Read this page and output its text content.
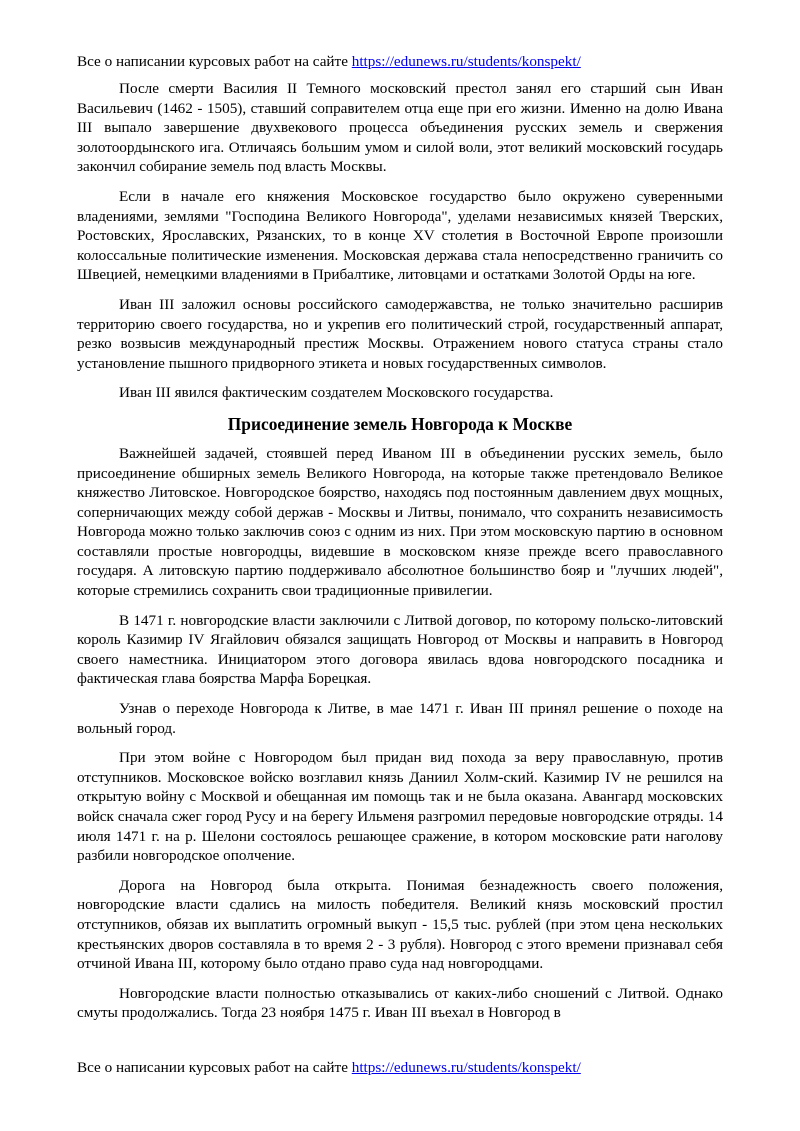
Все о написании курсовых работ на сайте https://edunews.ru/students/konspekt/

После смерти Василия II Темного московский престол занял его старший сын Иван Васильевич (1462 - 1505), ставший соправителем отца еще при его жизни. Именно на долю Ивана III выпало завершение двухвекового процесса объединения русских земель и свержения золотоордынского ига. Отличаясь большим умом и силой воли, этот великий московский государь закончил собирание земель под власть Москвы.

Если в начале его княжения Московское государство было окружено суверенными владениями, землями "Господина Великого Новгорода", уделами независимых князей Тверских, Ростовских, Ярославских, Рязанских, то в конце XV столетия в Восточной Европе произошли колоссальные политические изменения. Московская держава стала непосредственно граничить со Швецией, немецкими владениями в Прибалтике, литовцами и остатками Золотой Орды на юге.

Иван III заложил основы российского самодержавства, не только значительно расширив территорию своего государства, но и укрепив его политический строй, государственный аппарат, резко возвысив международный престиж Москвы. Отражением нового статуса страны стало установление пышного придворного этикета и новых государственных символов.

Иван III явился фактическим создателем Московского государства.

Присоединение земель Новгорода к Москве

Важнейшей задачей, стоявшей перед Иваном III в объединении русских земель, было присоединение обширных земель Великого Новгорода, на которые также претендовало Великое княжество Литовское. Новгородское боярство, находясь под постоянным давлением двух мощных, соперничающих между собой держав - Москвы и Литвы, понимало, что сохранить независимость Новгорода можно только заключив союз с одним из них. При этом московскую партию в основном составляли простые новгородцы, видевшие в московском князе прежде всего православного государя. А литовскую партию поддерживало абсолютное большинство бояр и "лучших людей", которые стремились сохранить свои традиционные привилегии.

В 1471 г. новгородские власти заключили с Литвой договор, по которому польско-литовский король Казимир IV Ягайлович обязался защищать Новгород от Москвы и направить в Новгород своего наместника. Инициатором этого договора явилась вдова новгородского посадника и фактическая глава боярства Марфа Борецкая.

Узнав о переходе Новгорода к Литве, в мае 1471 г. Иван III принял решение о походе на вольный город.

При этом войне с Новгородом был придан вид похода за веру православную, против отступников. Московское войско возглавил князь Даниил Холм-ский. Казимир IV не решился на открытую войну с Москвой и обещанная им помощь так и не была оказана. Авангард московских войск сначала сжег город Русу и на берегу Ильменя разгромил передовые новгородские отряды. 14 июля 1471 г. на р. Шелони состоялось решающее сражение, в котором московские рати наголову разбили новгородское ополчение.

Дорога на Новгород была открыта. Понимая безнадежность своего положения, новгородские власти сдались на милость победителя. Великий князь московский простил отступников, обязав их выплатить огромный выкуп - 15,5 тыс. рублей (при этом цена нескольких крестьянских дворов составляла в то время 2 - 3 рубля). Новгород с этого времени признавал себя отчиной Ивана III, которому было отдано право суда над новгородцами.

Новгородские власти полностью отказывались от каких-либо сношений с Литвой. Однако смуты продолжались. Тогда 23 ноября 1475 г. Иван III въехал в Новгород в

Все о написании курсовых работ на сайте https://edunews.ru/students/konspekt/
